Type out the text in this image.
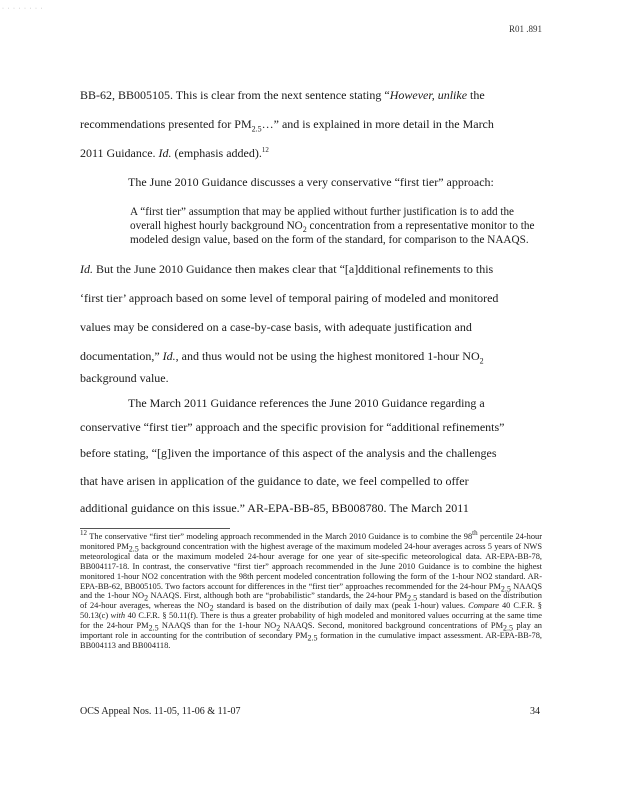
· · · · · · · ·
R01 .891
BB-62, BB005105. This is clear from the next sentence stating “However, unlike the
recommendations presented for $PM_{2.5}\dots$” and is explained in more detail in the March
2011 Guidance. Id. (emphasis added).$^{12}$
The June 2010 Guidance discusses a very conservative “first tier” approach:

A “first tier” assumption that may be applied without further justification is to add the overall highest hourly background $NO_2$ concentration from a representative monitor to the modeled design value, based on the form of the standard, for comparison to the NAAQS.

Id. But the June 2010 Guidance then makes clear that “[a]dditional refinements to this
‘first tier’ approach based on some level of temporal pairing of modeled and monitored
values may be considered on a case-by-case basis, with adequate justification and
documentation,” Id., and thus would not be using the highest monitored 1-hour $NO_2$
background value.
The March 2011 Guidance references the June 2010 Guidance regarding a
conservative “first tier” approach and the specific provision for “additional refinements”
before stating, “[g]iven the importance of this aspect of the analysis and the challenges
that have arisen in application of the guidance to date, we feel compelled to offer
additional guidance on this issue.” AR-EPA-BB-85, BB008780. The March 2011

$^{12}$ The conservative “first tier” modeling approach recommended in the March 2010 Guidance is to combine the 98th percentile 24-hour monitored $PM_{2.5}$ background concentration with the highest average of the maximum modeled 24-hour averages across 5 years of NWS meteorological data or the maximum modeled 24-hour average for one year of site-specific meteorological data. AR-EPA-BB-78, BB004117-18. In contrast, the conservative “first tier” approach recommended in the June 2010 Guidance is to combine the highest monitored 1-hour NO2 concentration with the 98th percent modeled concentration following the form of the 1-hour NO2 standard. AR-EPA-BB-62, BB005105. Two factors account for differences in the “first tier” approaches recommended for the 24-hour $PM_{2.5}$ NAAQS and the 1-hour $NO_2$ NAAQS. First, although both are “probabilistic” standards, the 24-hour $PM_{2.5}$ standard is based on the distribution of 24-hour averages, whereas the $NO_2$ standard is based on the distribution of daily max (peak 1-hour) values. Compare 40 C.F.R. § 50.13(c) with 40 C.F.R. § 50.11(f). There is thus a greater probability of high modeled and monitored values occurring at the same time for the 24-hour $PM_{2.5}$ NAAQS than for the 1-hour $NO_2$ NAAQS. Second, monitored background concentrations of $PM_{2.5}$ play an important role in accounting for the contribution of secondary $PM_{2.5}$ formation in the cumulative impact assessment. AR-EPA-BB-78, BB004113 and BB004118.

OCS Appeal Nos. 11-05, 11-06 & 11-07	34
